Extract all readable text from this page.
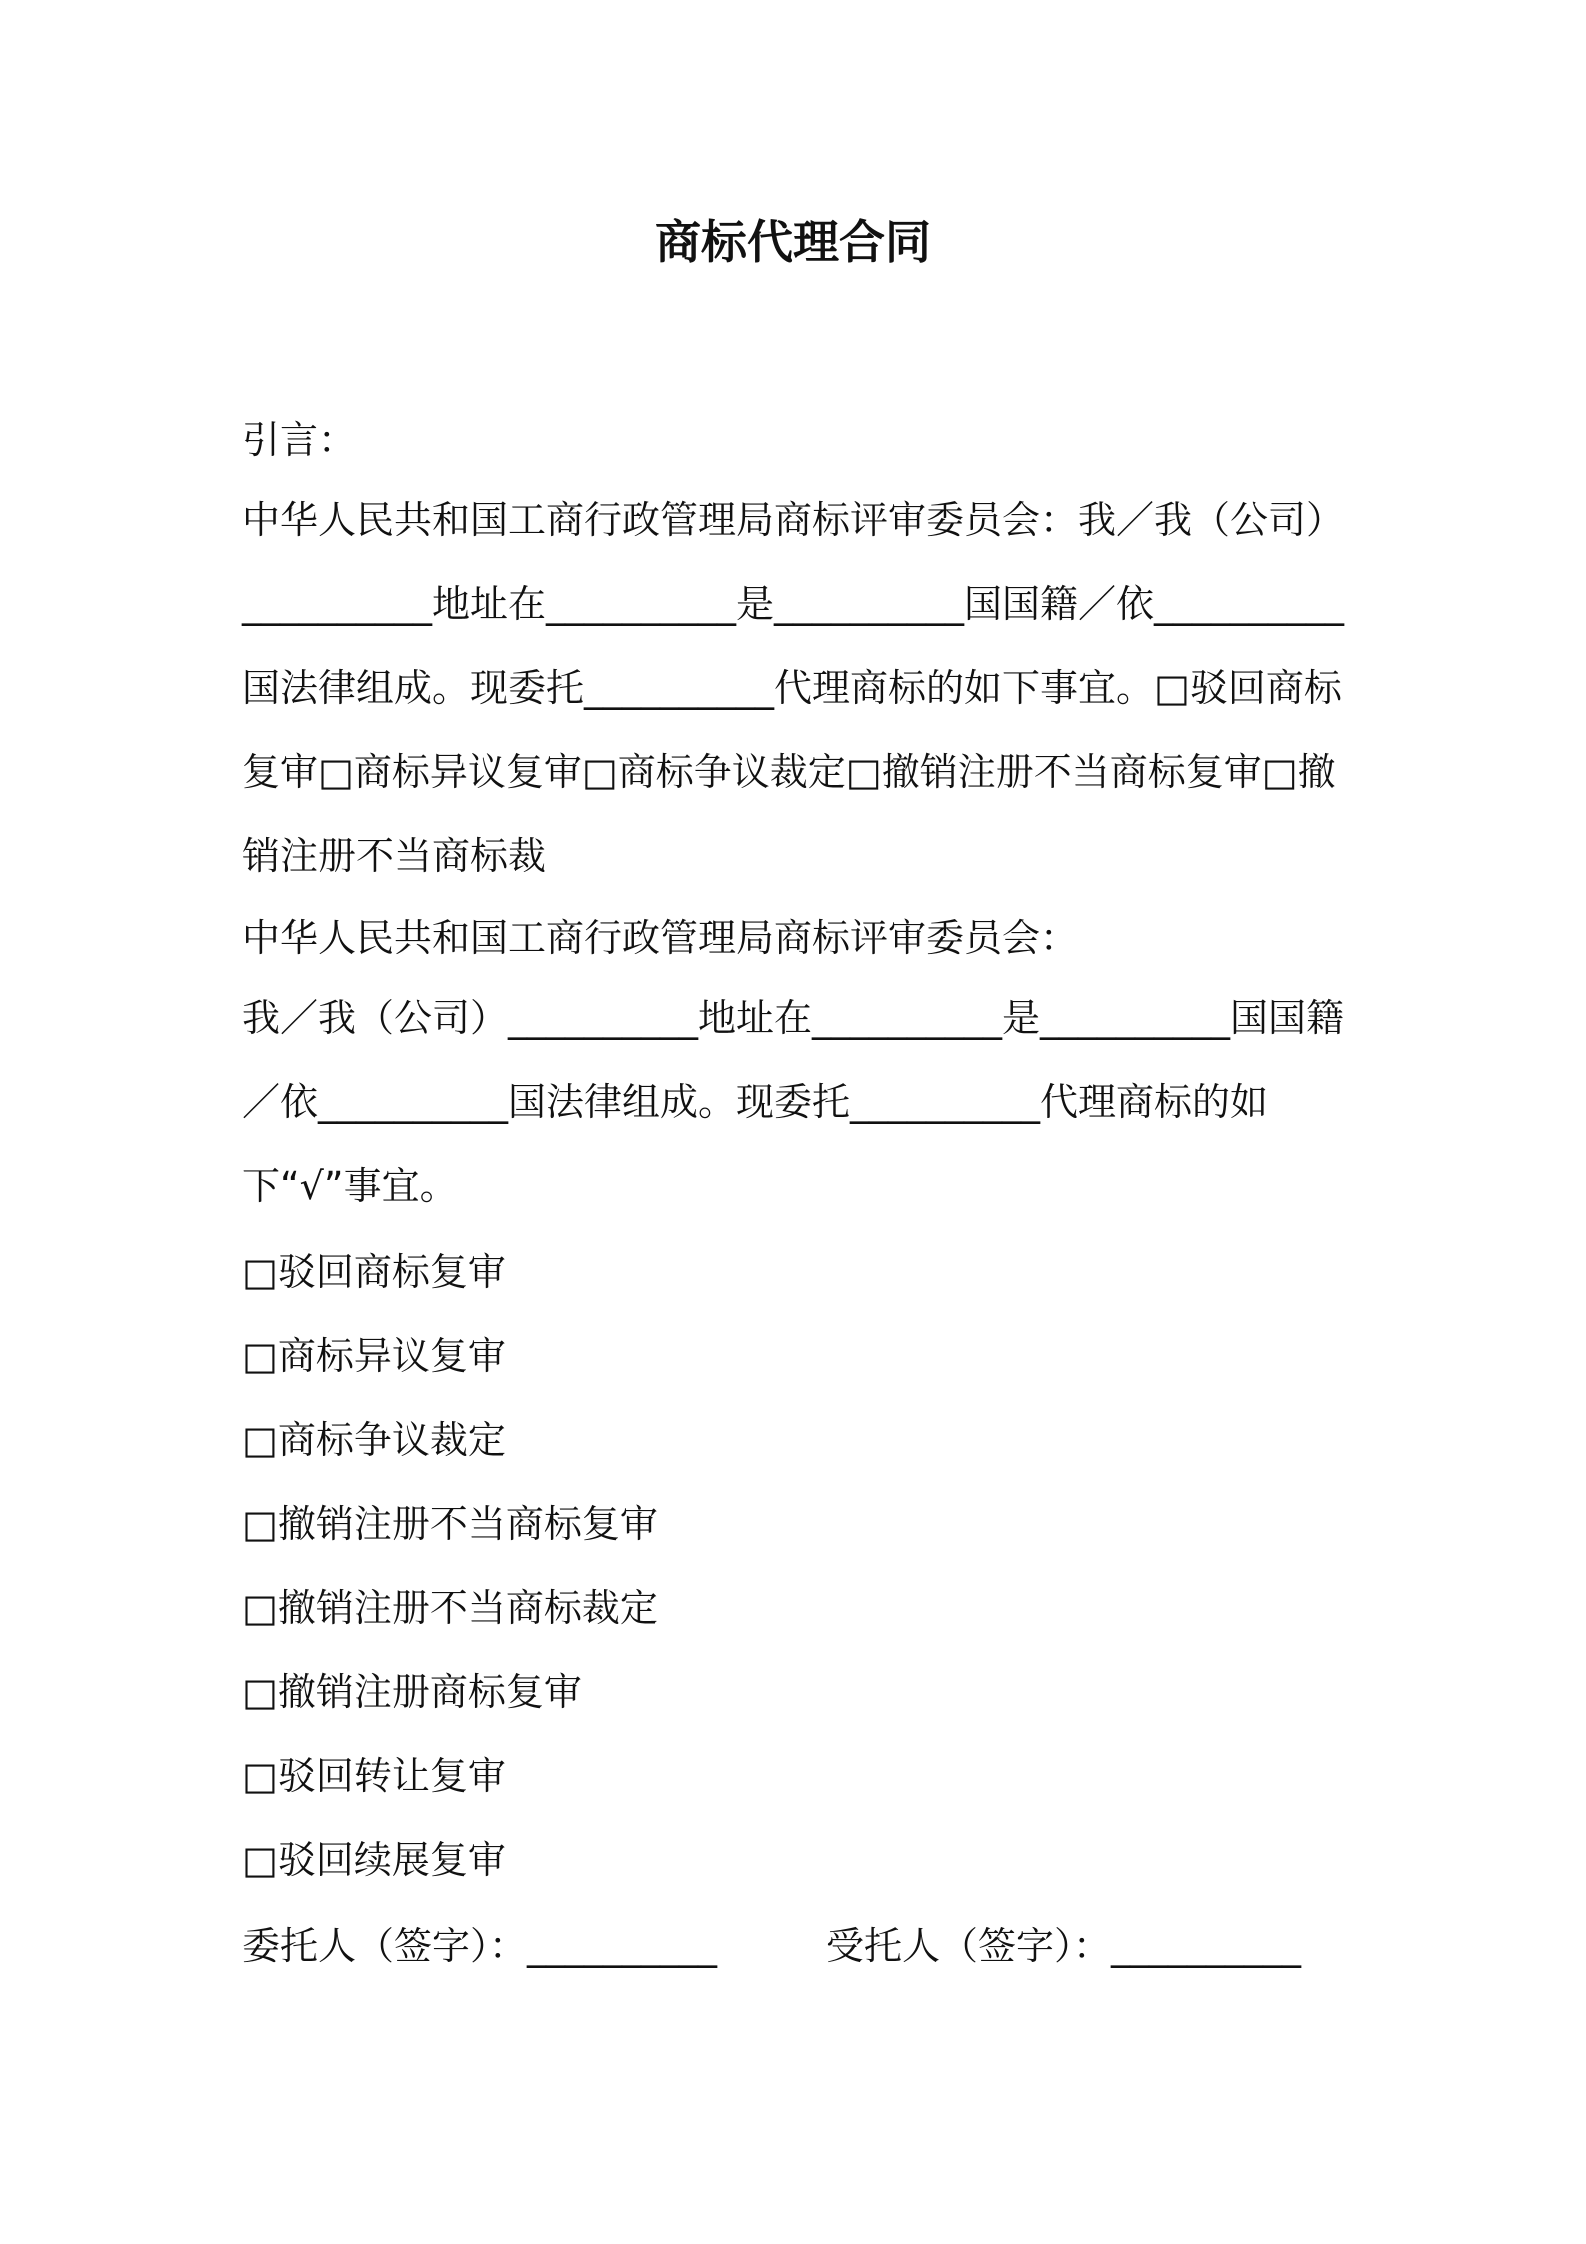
商标代理合同
引言：
中华人民共和国工商行政管理局商标评审委员会：我／我（公司）__________地址在__________是__________国国籍／依__________国法律组成。现委托__________代理商标的如下事宜。□驳回商标复审□商标异议复审□商标争议裁定□撤销注册不当商标复审□撤销注册不当商标裁
中华人民共和国工商行政管理局商标评审委员会：
我／我（公司）__________地址在__________是__________国国籍／依__________国法律组成。现委托__________代理商标的如下“√”事宜。
□驳回商标复审
□商标异议复审
□商标争议裁定
□撤销注册不当商标复审
□撤销注册不当商标裁定
□撤销注册商标复审
□驳回转让复审
□驳回续展复审
委托人（签字）：__________	受托人（签字）：__________
